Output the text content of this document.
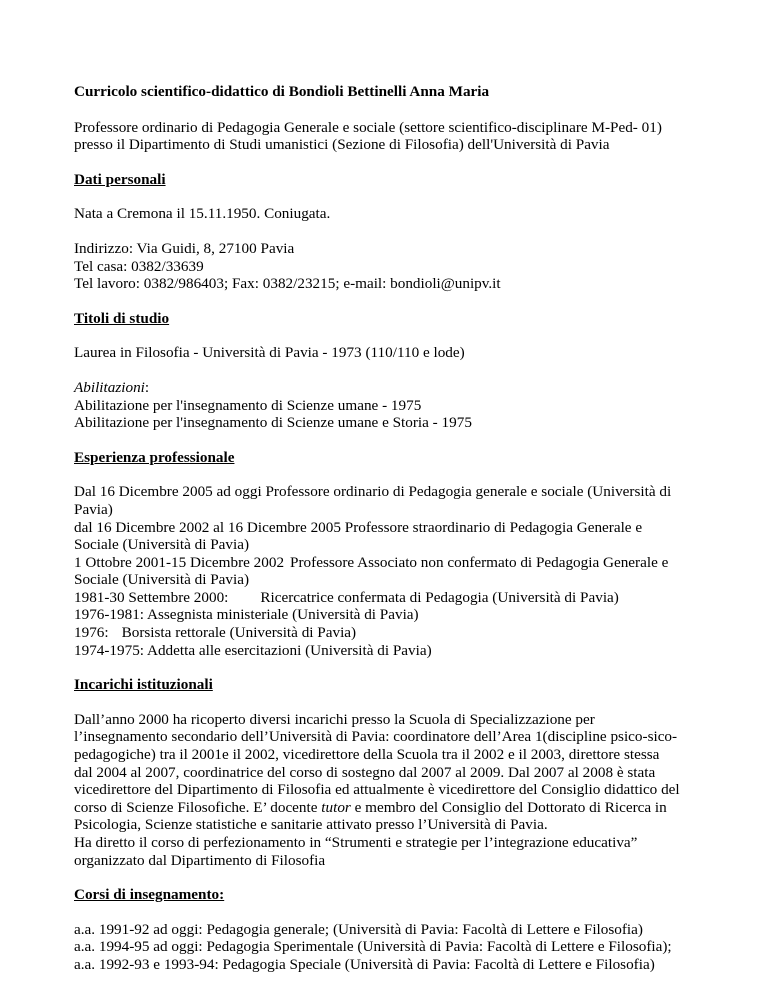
Curricolo scientifico-didattico di Bondioli Bettinelli Anna Maria

Professore ordinario di Pedagogia Generale e sociale (settore scientifico-disciplinare M-Ped- 01)
presso il Dipartimento di Studi umanistici (Sezione di Filosofia) dell'Università di Pavia

Dati personali

Nata a Cremona il 15.11.1950. Coniugata.

Indirizzo: Via Guidi, 8, 27100 Pavia
Tel casa: 0382/33639
Tel lavoro: 0382/986403; Fax: 0382/23215; e-mail: bondioli@unipv.it

Titoli di studio

Laurea in Filosofia - Università di Pavia - 1973 (110/110 e lode)

Abilitazioni:
Abilitazione per l'insegnamento di Scienze umane - 1975
Abilitazione per l'insegnamento di Scienze umane e Storia - 1975

Esperienza professionale

Dal 16 Dicembre 2005 ad oggi Professore ordinario di Pedagogia generale e sociale (Università di
Pavia)
dal 16 Dicembre 2002 al 16 Dicembre 2005 Professore straordinario di Pedagogia Generale e
Sociale (Università di Pavia)
1 Ottobre 2001-15 Dicembre 2002 Professore Associato non confermato di Pedagogia Generale e
Sociale (Università di Pavia)
1981-30 Settembre 2000: Ricercatrice confermata di Pedagogia (Università di Pavia)
1976-1981: Assegnista ministeriale (Università di Pavia)
1976: Borsista rettorale (Università di Pavia)
1974-1975: Addetta alle esercitazioni (Università di Pavia)

Incarichi istituzionali

Dall’anno 2000 ha ricoperto diversi incarichi presso la Scuola di Specializzazione per
l’insegnamento secondario dell’Università di Pavia: coordinatore dell’Area 1(discipline psico-sico-
pedagogiche) tra il 2001e il 2002, vicedirettore della Scuola tra il 2002 e il 2003, direttore stessa
dal 2004 al 2007, coordinatrice del corso di sostegno dal 2007 al 2009. Dal 2007 al 2008 è stata
vicedirettore del Dipartimento di Filosofia ed attualmente è vicedirettore del Consiglio didattico del
corso di Scienze Filosofiche. E’ docente tutor e membro del Consiglio del Dottorato di Ricerca in
Psicologia, Scienze statistiche e sanitarie attivato presso l’Università di Pavia.
Ha diretto il corso di perfezionamento in “Strumenti e strategie per l’integrazione educativa”
organizzato dal Dipartimento di Filosofia

Corsi di insegnamento:

a.a. 1991-92 ad oggi: Pedagogia generale; (Università di Pavia: Facoltà di Lettere e Filosofia)
a.a. 1994-95 ad oggi: Pedagogia Sperimentale (Università di Pavia: Facoltà di Lettere e Filosofia);
a.a. 1992-93 e 1993-94: Pedagogia Speciale (Università di Pavia: Facoltà di Lettere e Filosofia)
